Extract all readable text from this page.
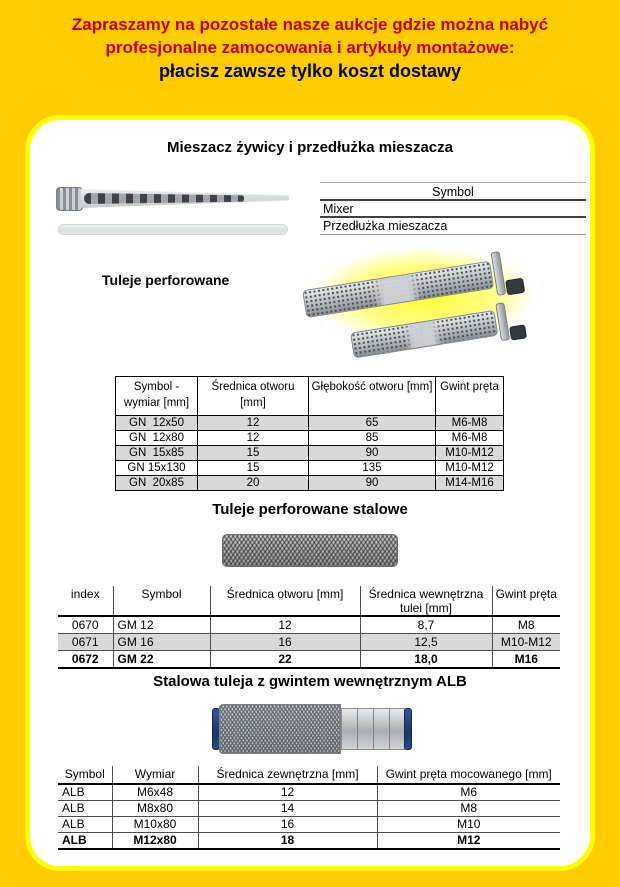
Zapraszamy na pozostałe nasze aukcje gdzie można nabyć
profesjonalne zamocowania i artykuły montażowe:
płacisz zawsze tylko koszt dostawy
Mieszacz żywicy i przedłużka mieszacza
Symbol
Mixer
Przedłużka mieszacza
Tuleje perforowane
Symbol - wymiar [mm]	Średnica otworu [mm]	Głębokość otworu [mm]	Gwint pręta
GN  12x50	12	65	M6-M8
GN  12x80	12	85	M6-M8
GN  15x85	15	90	M10-M12
GN 15x130	15	135	M10-M12
GN  20x85	20	90	M14-M16
Tuleje perforowane stalowe
index	Symbol	Średnica otworu [mm]	Średnica wewnętrzna tulei [mm]	Gwint pręta
0670	GM 12	12	8,7	M8
0671	GM 16	16	12,5	M10-M12
0672	GM 22	22	18,0	M16
Stalowa tuleja z gwintem wewnętrznym ALB
Symbol	Wymiar	Średnica zewnętrzna [mm]	Gwint pręta mocowanego [mm]
ALB	M6x48	12	M6
ALB	M8x80	14	M8
ALB	M10x80	16	M10
ALB	M12x80	18	M12
